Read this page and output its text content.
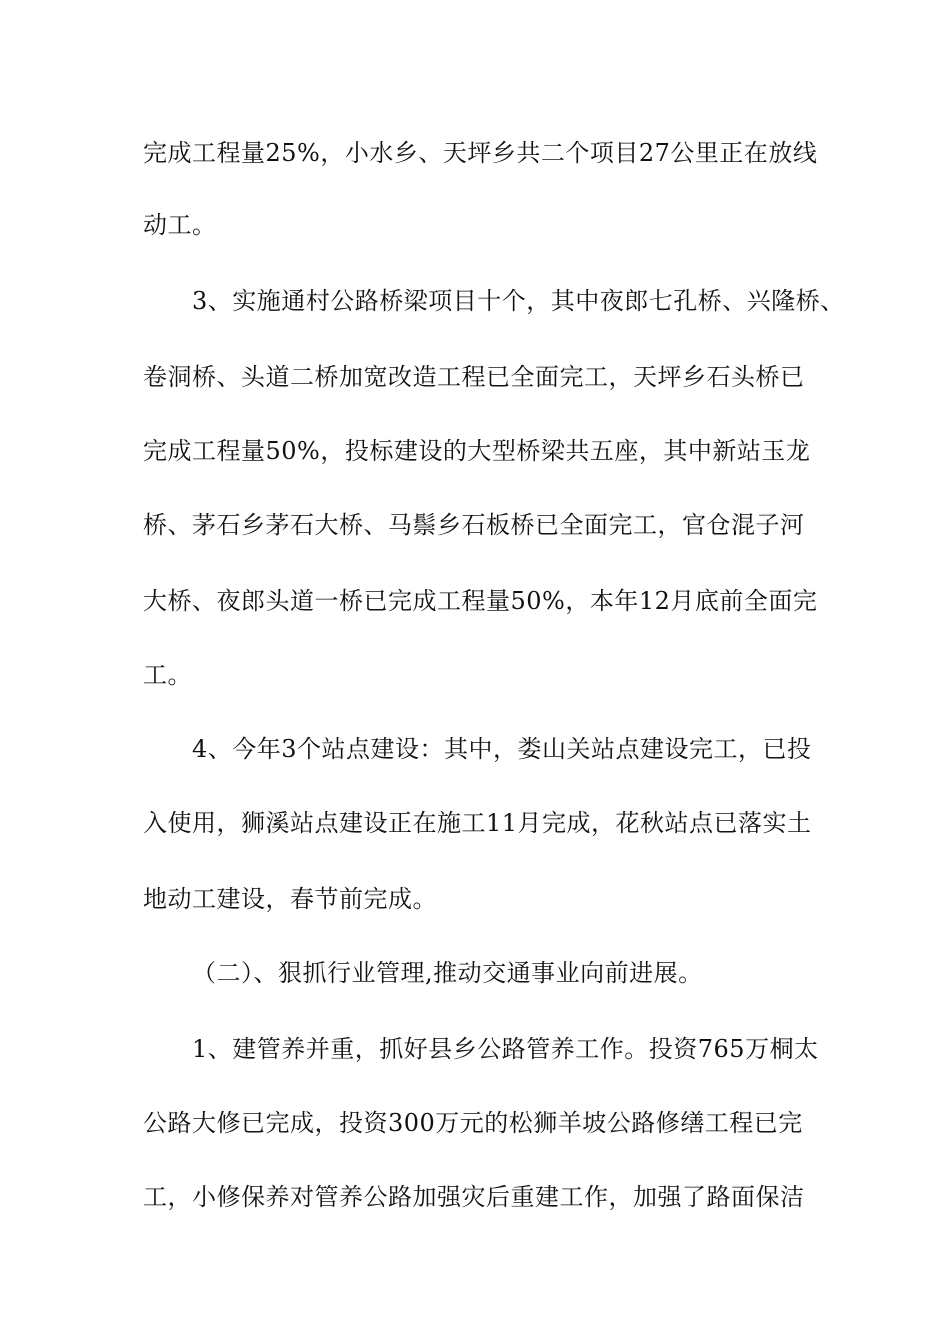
完成工程量25%，小水乡、天坪乡共二个项目27公里正在放线
动工。
3、实施通村公路桥梁项目十个，其中夜郎七孔桥、兴隆桥、
卷洞桥、头道二桥加宽改造工程已全面完工，天坪乡石头桥已
完成工程量50%，投标建设的大型桥梁共五座，其中新站玉龙
桥、茅石乡茅石大桥、马鬃乡石板桥已全面完工，官仓混子河
大桥、夜郎头道一桥已完成工程量50%，本年12月底前全面完
工。
4、今年3个站点建设：其中，娄山关站点建设完工，已投
入使用，狮溪站点建设正在施工11月完成，花秋站点已落实土
地动工建设，春节前完成。
（二）、狠抓行业管理,推动交通事业向前进展。
1、建管养并重，抓好县乡公路管养工作。投资765万桐太
公路大修已完成，投资300万元的松狮羊坡公路修缮工程已完
工，小修保养对管养公路加强灾后重建工作，加强了路面保洁
